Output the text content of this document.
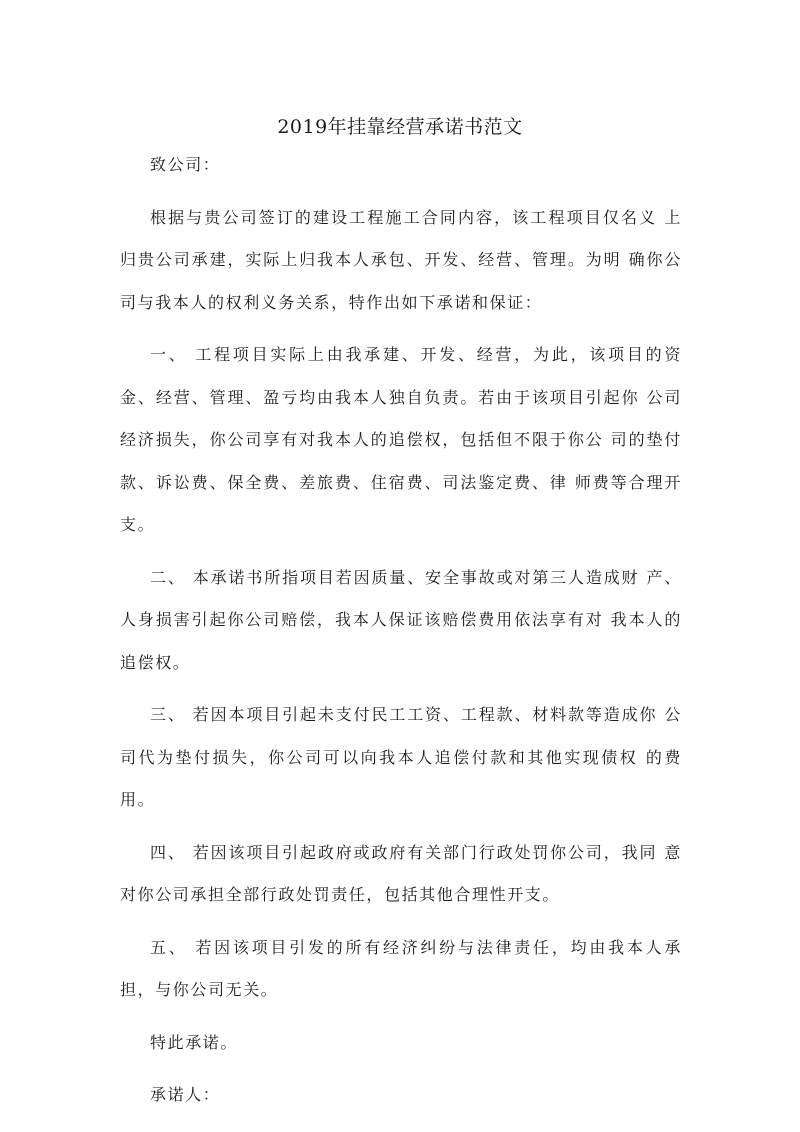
2019年挂靠经营承诺书范文

致公司：

根据与贵公司签订的建设工程施工合同内容，该工程项目仅名义 上归贵公司承建，实际上归我本人承包、开发、经营、管理。为明 确你公司与我本人的权利义务关系，特作出如下承诺和保证：

一、 工程项目实际上由我承建、开发、经营，为此，该项目的资 金、经营、管理、盈亏均由我本人独自负责。若由于该项目引起你 公司经济损失，你公司享有对我本人的追偿权，包括但不限于你公 司的垫付款、诉讼费、保全费、差旅费、住宿费、司法鉴定费、律 师费等合理开支。

二、 本承诺书所指项目若因质量、安全事故或对第三人造成财 产、人身损害引起你公司赔偿，我本人保证该赔偿费用依法享有对 我本人的追偿权。

三、 若因本项目引起未支付民工工资、工程款、材料款等造成你 公司代为垫付损失，你公司可以向我本人追偿付款和其他实现债权 的费用。

四、 若因该项目引起政府或政府有关部门行政处罚你公司，我同 意对你公司承担全部行政处罚责任，包括其他合理性开支。

五、 若因该项目引发的所有经济纠纷与法律责任，均由我本人承 担，与你公司无关。

特此承诺。

承诺人：
